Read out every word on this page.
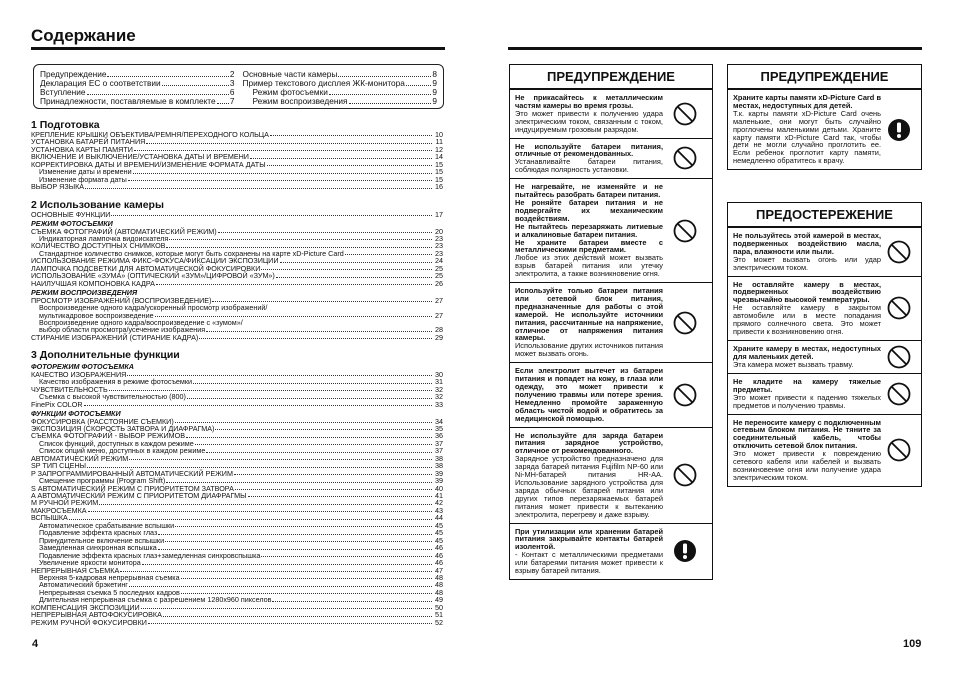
Содержание
Предупреждение	2
Декларация ЕС о соответствии	3
Вступление	6
Принадлежности, поставляемые в комплекте 7
Основные части камеры	8
Пример текстового дисплея ЖК-монитора	9
Режим фотосъемки	9
Режим воспроизведения	9
1 Подготовка
КРЕПЛЕНИЕ КРЫШКИ ОБЪЕКТИВА/РЕМНЯ/ПЕРЕХОДНОГО КОЛЬЦА	10
УСТАНОВКА БАТАРЕЙ ПИТАНИЯ	11
УСТАНОВКА КАРТЫ ПАМЯТИ	12
ВКЛЮЧЕНИЕ И ВЫКЛЮЧЕНИЕ/УСТАНОВКА ДАТЫ И ВРЕМЕНИ	14
КОРРЕКТИРОВКА ДАТЫ И ВРЕМЕНИ/ИЗМЕНЕНИЕ ФОРМАТА ДАТЫ	15
Изменение даты и времени	15
Изменение формата даты	15
ВЫБОР ЯЗЫКА	16
2 Использование камеры
ОСНОВНЫЕ ФУНКЦИИ	17
РЕЖИМ ФОТОСЪЕМКИ
СЪЕМКА ФОТОГРАФИЙ (АВТОМАТИЧЕСКИЙ РЕЖИМ)	20
Индикаторная лампочка видоискателя	23
КОЛИЧЕСТВО ДОСТУПНЫХ СНИМКОВ	23
Стандартное количество снимков, которые могут быть сохранены на карте xD-Picture Card	23
ИСПОЛЬЗОВАНИЕ РЕЖИМА ФИКС-ФОКУСА/ФИКСАЦИИ ЭКСПОЗИЦИИ	24
ЛАМПОЧКА ПОДСВЕТКИ ДЛЯ АВТОМАТИЧЕСКОЙ ФОКУСИРОВКИ	25
ИСПОЛЬЗОВАНИЕ «ЗУМА» (ОПТИЧЕСКИЙ «ЗУМ»/ЦИФРОВОЙ «ЗУМ»)	25
НАИЛУЧШАЯ КОМПОНОВКА КАДРА	26
РЕЖИМ ВОСПРОИЗВЕДЕНИЯ
ПРОСМОТР ИЗОБРАЖЕНИЙ (ВОСПРОИЗВЕДЕНИЕ)	27
Воспроизведение одного кадра/ускоренный просмотр изображений/
мультикадровое воспроизведение	27
Воспроизведение одного кадра/воспроизведение с «зумом»/
выбор области просмотра/усечение изображения	28
СТИРАНИЕ ИЗОБРАЖЕНИЙ (СТИРАНИЕ КАДРА)	29
3 Дополнительные функции
ФОТОРЕЖИМ ФОТОСЪЕМКА
КАЧЕСТВО ИЗОБРАЖЕНИЯ	30
Качество изображения в режиме фотосъемки	31
ЧУВСТВИТЕЛЬНОСТЬ	32
Съемка с высокой чувствительностью (800)	32
FinePix COLOR	33
ФУНКЦИИ ФОТОСЪЕМКИ
ФОКУСИРОВКА (РАССТОЯНИЕ СЪЕМКИ)	34
ЭКСПОЗИЦИЯ (СКОРОСТЬ ЗАТВОРА И ДИАФРАГМА)	35
СЪЕМКА ФОТОГРАФИЙ - ВЫБОР РЕЖИМОВ	36
Список функций, доступных в каждом режиме	37
Список опций меню, доступных в каждом режиме	37
АВТОМАТИЧЕСКИЙ РЕЖИМ	38
SP ТИП СЦЕНЫ	38
P ЗАПРОГРАММИРОВАННЫЙ АВТОМАТИЧЕСКИЙ РЕЖИМ	39
Смещение программы (Program Shift)	39
S АВТОМАТИЧЕСКИЙ РЕЖИМ С ПРИОРИТЕТОМ ЗАТВОРА	40
A АВТОМАТИЧЕСКИЙ РЕЖИМ С ПРИОРИТЕТОМ ДИАФРАГМЫ	41
M РУЧНОЙ РЕЖИМ	42
МАКРОСЪЕМКА	43
ВСПЫШКА	44
Автоматическое срабатывание вспышки	45
Подавление эффекта красных глаз	45
Принудительное включение вспышки	45
Замедленная синхронная вспышка	46
Подавление эффекта красных глаз+замедленная синхровспышка	46
Увеличение яркости монитора	46
НЕПРЕРЫВНАЯ СЪЕМКА	47
Верхняя 5-кадровая непрерывная съемка	48
Автоматический брэкетинг	48
Непрерывная съемка 5 последних кадров	48
Длительная непрерывная съемка с разрешением 1280x960 пикселов	49
КОМПЕНСАЦИЯ ЭКСПОЗИЦИИ	50
НЕПРЕРЫВНАЯ АВТОФОКУСИРОВКА	51
РЕЖИМ РУЧНОЙ ФОКУСИРОВКИ	52
4	109
ПРЕДУПРЕЖДЕНИЕ
Не прикасайтесь к металлическим частям камеры во время грозы.
Это может привести к получению удара электрическим током, связанным с током, индуцируемым грозовым разрядом.
Не используйте батареи питания, отличные от рекомендованных.
Устанавливайте батареи питания, соблюдая полярность установки.
Не нагревайте, не изменяйте и не пытайтесь разобрать батареи питания.
Не роняйте батареи питания и не подвергайте их механическим воздействиям.
Не пытайтесь перезаряжать литиевые и алкалиновые батареи питания.
Не храните батареи вместе с металлическими предметами.
Любое из этих действий может вызвать взрыв батарей питания или утечку электролита, а также возникновение огня.
Используйте только батареи питания или сетевой блок питания, предназначенные для работы с этой камерой. Не используйте источники питания, рассчитанные на напряжение, отличное от напряжения питания камеры.
Использование других источников питания может вызвать огонь.
Если электролит вытечет из батареи питания и попадет на кожу, в глаза или одежду, это может привести к получению травмы или потере зрения. Немедленно промойте зараженную область чистой водой и обратитесь за медицинской помощью.
Не используйте для заряда батареи питания зарядное устройство, отличное от рекомендованного.
Зарядное устройство предназначено для заряда батарей питания Fujifilm NP-60 или Ni-MH-батарей питания HR-AA. Использование зарядного устройства для заряда обычных батарей питания или других типов перезаряжаемых батарей питания может привести к вытеканию электролита, перегреву и даже взрыву.
При утилизации или хранении батарей питания закрывайте контакты батарей изолентой.
- Контакт с металлическими предметами или батареями питания может привести к взрыву батарей питания.
ПРЕДУПРЕЖДЕНИЕ
Храните карты памяти xD-Picture Card в местах, недоступных для детей.
Т.к. карты памяти xD-Picture Card очень маленькие, они могут быть случайно проглочены маленькими детьми. Храните карту памяти xD-Picture Card так, чтобы дети не могли случайно проглотить ее. Если ребенок проглотит карту памяти, немедленно обратитесь к врачу.
ПРЕДОСТЕРЕЖЕНИЕ
Не пользуйтесь этой камерой в местах, подверженных воздействию масла, пара, влажности или пыли.
Это может вызвать огонь или удар электрическим током.
Не оставляйте камеру в местах, подверженных воздействию чрезвычайно высокой температуры.
Не оставляйте камеру в закрытом автомобиле или в месте попадания прямого солнечного света. Это может привести к возникновению огня.
Храните камеру в местах, недоступных для маленьких детей.
Эта камера может вызвать травму.
Не кладите на камеру тяжелые предметы.
Это может привести к падению тяжелых предметов и получению травмы.
Не переносите камеру с подключенным сетевым блоком питания. Не тяните за соединительный кабель, чтобы отключить сетевой блок питания.
Это может привести к повреждению сетевого кабеля или кабелей и вызвать возникновение огня или получение удара электрическим током.
